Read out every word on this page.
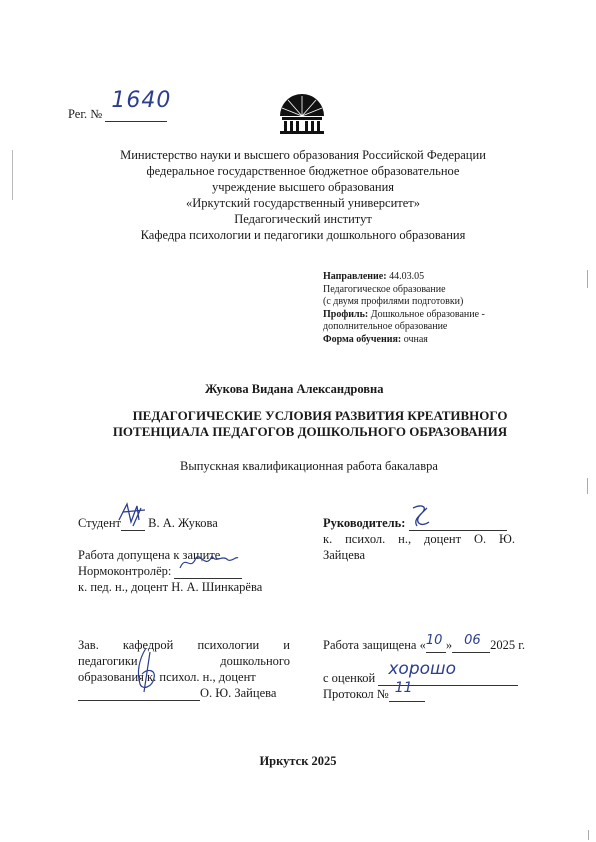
Рег. №
1640
Министерство науки и высшего образования Российской Федерации
федеральное государственное бюджетное образовательное
учреждение высшего образования
«Иркутский государственный университет»
Педагогический институт
Кафедра психологии и педагогики дошкольного образования
Направление: 44.03.05
Педагогическое образование
(с двумя профилями подготовки)
Профиль: Дошкольное образование -
дополнительное образование
Форма обучения: очная
Жукова Видана Александровна
ПЕДАГОГИЧЕСКИЕ УСЛОВИЯ РАЗВИТИЯ КРЕАТИВНОГО
ПОТЕНЦИАЛА ПЕДАГОГОВ ДОШКОЛЬНОГО ОБРАЗОВАНИЯ
Выпускная квалификационная работа бакалавра
Студент В. А. Жукова
Работа допущена к защите
Нормоконтролёр:
к. пед. н., доцент Н. А. Шинкарёва
Зав. кафедрой психологии и
педагогики дошкольного
образования к. психол. н., доцент
О. Ю. Зайцева
Руководитель:
к. психол. н., доцент О. Ю.
Зайцева
Работа защищена « 10 » 06 2025 г.
с оценкой хорошо
Протокол № 11
Иркутск 2025
